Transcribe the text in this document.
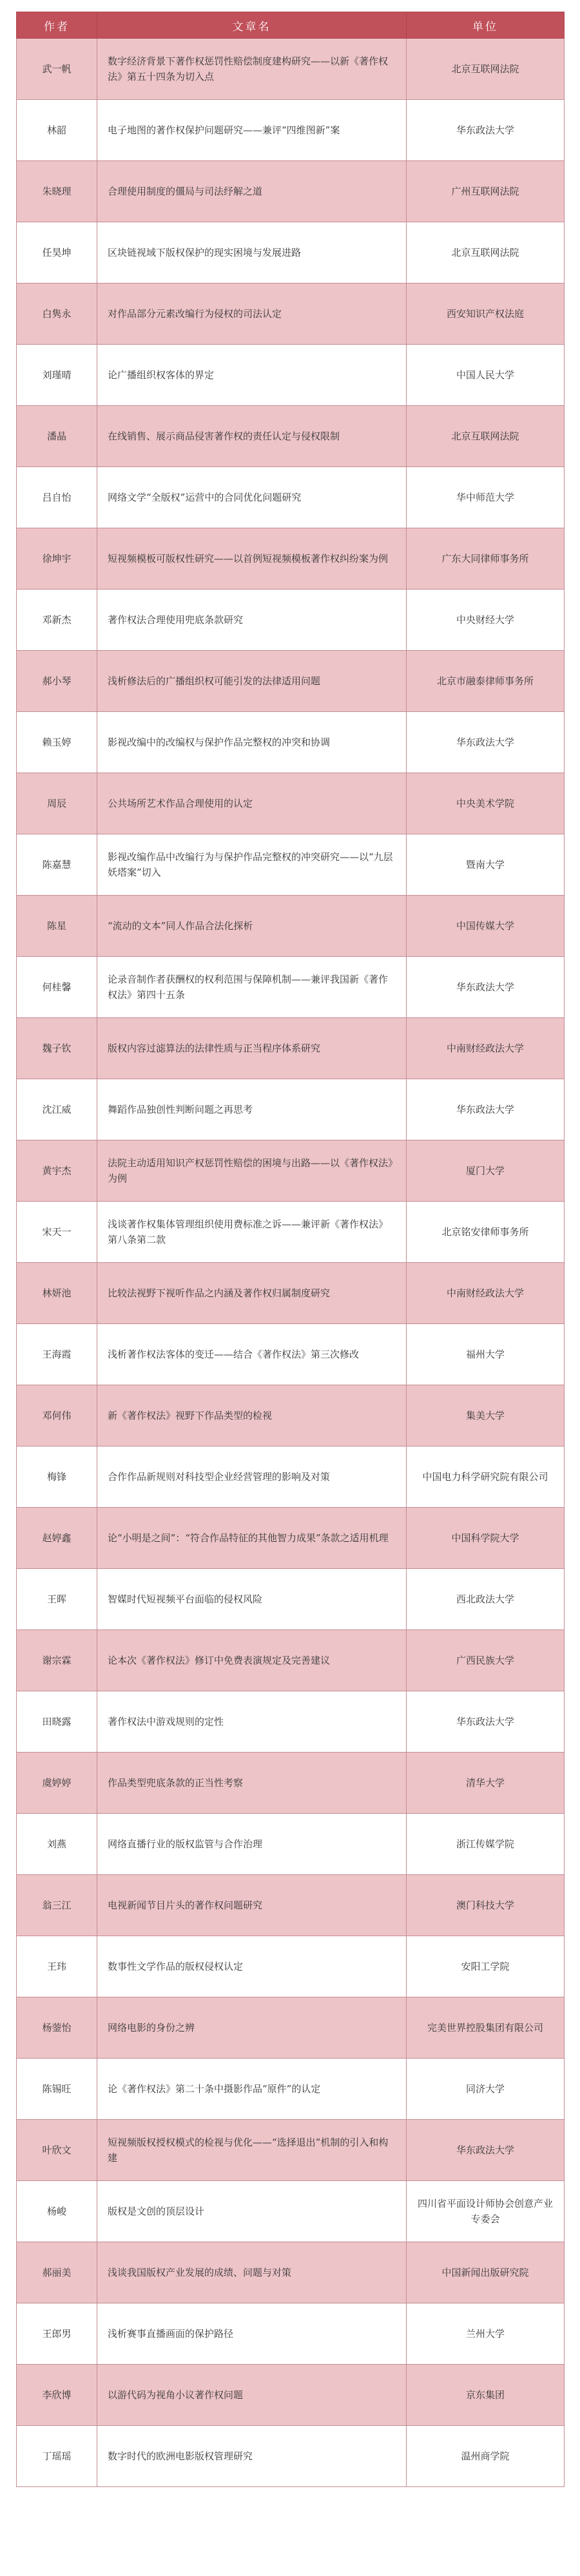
作者	文章名	单位
武一帆	数字经济背景下著作权惩罚性赔偿制度建构研究——以新《著作权法》第五十四条为切入点	北京互联网法院
林韶	电子地图的著作权保护问题研究——兼评“四维图新”案	华东政法大学
朱晓理	合理使用制度的僵局与司法纾解之道	广州互联网法院
任昊坤	区块链视域下版权保护的现实困境与发展进路	北京互联网法院
白隽永	对作品部分元素改编行为侵权的司法认定	西安知识产权法庭
刘瑾晴	论广播组织权客体的界定	中国人民大学
潘晶	在线销售、展示商品侵害著作权的责任认定与侵权限制	北京互联网法院
吕自怡	网络文学“全版权”运营中的合同优化问题研究	华中师范大学
徐坤宇	短视频模板可版权性研究——以首例短视频模板著作权纠纷案为例	广东大同律师事务所
邓新杰	著作权法合理使用兜底条款研究	中央财经大学
郝小琴	浅析修法后的广播组织权可能引发的法律适用问题	北京市融泰律师事务所
赖玉婷	影视改编中的改编权与保护作品完整权的冲突和协调	华东政法大学
周辰	公共场所艺术作品合理使用的认定	中央美术学院
陈嘉慧	影视改编作品中改编行为与保护作品完整权的冲突研究——以“九层妖塔案”切入	暨南大学
陈星	“流动的文本”同人作品合法化探析	中国传媒大学
何桂馨	论录音制作者获酬权的权利范围与保障机制——兼评我国新《著作权法》第四十五条	华东政法大学
魏子钦	版权内容过滤算法的法律性质与正当程序体系研究	中南财经政法大学
沈江威	舞蹈作品独创性判断问题之再思考	华东政法大学
黄宇杰	法院主动适用知识产权惩罚性赔偿的困境与出路——以《著作权法》为例	厦门大学
宋天一	浅谈著作权集体管理组织使用费标准之诉——兼评新《著作权法》第八条第二款	北京铭安律师事务所
林妍池	比较法视野下视听作品之内涵及著作权归属制度研究	中南财经政法大学
王海霞	浅析著作权法客体的变迁——结合《著作权法》第三次修改	福州大学
邓何伟	新《著作权法》视野下作品类型的检视	集美大学
梅锋	合作作品新规则对科技型企业经营管理的影响及对策	中国电力科学研究院有限公司
赵婷鑫	论“小明是之间”：“符合作品特征的其他智力成果”条款之适用机理	中国科学院大学
王晖	智媒时代短视频平台面临的侵权风险	西北政法大学
谢宗霖	论本次《著作权法》修订中免费表演规定及完善建议	广西民族大学
田晓露	著作权法中游戏规则的定性	华东政法大学
虞婷婷	作品类型兜底条款的正当性考察	清华大学
刘燕	网络直播行业的版权监管与合作治理	浙江传媒学院
翁三江	电视新闻节目片头的著作权问题研究	澳门科技大学
王玮	数事性文学作品的版权侵权认定	安阳工学院
杨蓥怡	网络电影的身份之辨	完美世界控股集团有限公司
陈锡旺	论《著作权法》第二十条中摄影作品“原件”的认定	同济大学
叶欣文	短视频版权授权模式的检视与优化——“选择退出”机制的引入和构建	华东政法大学
杨峻	版权是文创的顶层设计	四川省平面设计师协会创意产业专委会
郝丽美	浅谈我国版权产业发展的成绩、问题与对策	中国新闻出版研究院
王郎男	浅析赛事直播画面的保护路径	兰州大学
李欣博	以游代码为视角小议著作权问题	京东集团
丁瑶瑶	数字时代的欧洲电影版权管理研究	温州商学院
